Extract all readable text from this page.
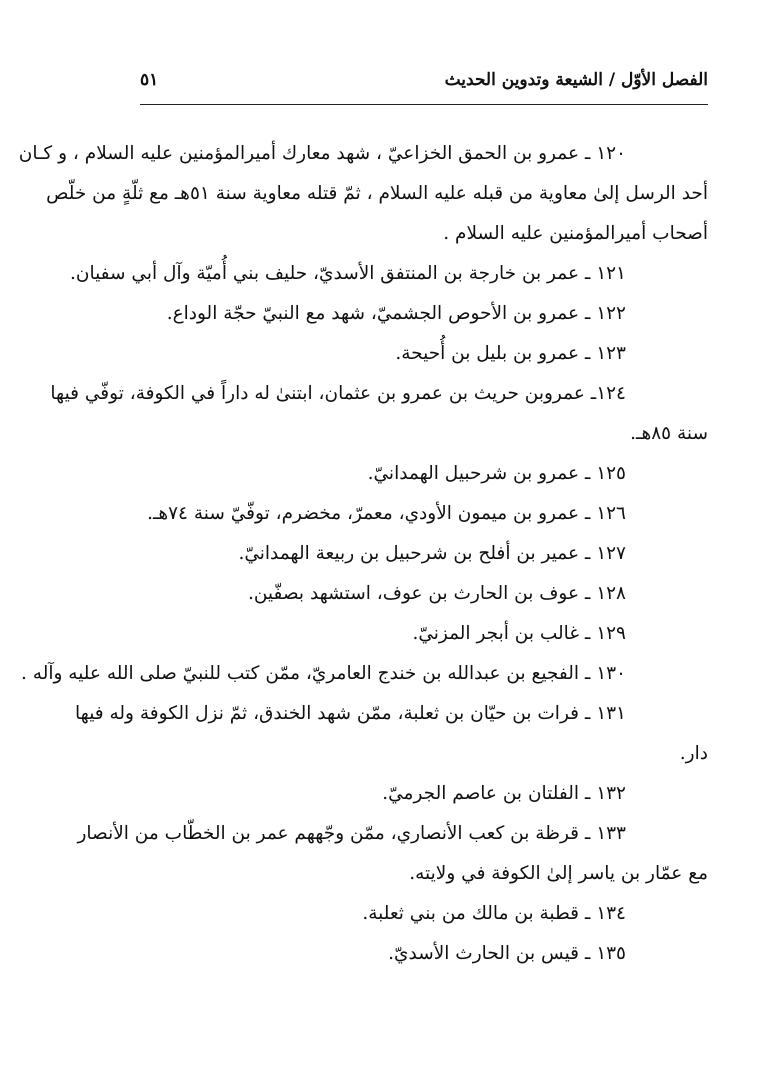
الفصل الأوّل / الشيعة وتدوين الحديث
٥١
١٢٠ ـ عمرو بن الحمق الخزاعيّ ، شهد معارك أميرالمؤمنين عليه السلام ، و كـان
أحد الرسل إلىٰ معاوية من قبله عليه السلام ، ثمّ قتله معاوية سنة ٥١هـ مع ثلّةٍ من خلّص
أصحاب أميرالمؤمنين عليه السلام .
١٢١ ـ عمر بن خارجة بن المنتفق الأسديّ، حليف بني أُميّة وآل أبي سفيان.
١٢٢ ـ عمرو بن الأحوص الجشميّ، شهد مع النبيّ حجّة الوداع.
١٢٣ ـ عمرو بن بليل بن أُحيحة.
١٢٤ـ عمروبن حريث بن عمرو بن عثمان، ابتنىٰ له داراً في الكوفة، توفّي فيها
سنة ٨٥هـ.
١٢٥ ـ عمرو بن شرحبيل الهمدانيّ.
١٢٦ ـ عمرو بن ميمون الأودي، معمرّ، مخضرم، توفّيّ سنة ٧٤هـ.
١٢٧ ـ عمير بن أفلح بن شرحبيل بن ربيعة الهمدانيّ.
١٢٨ ـ عوف بن الحارث بن عوف، استشهد بصفّين.
١٢٩ ـ غالب بن أبجر المزنيّ.
١٣٠ ـ الفجيع بن عبدالله بن خندج العامريّ، ممّن كتب للنبيّ صلى الله عليه وآله .
١٣١ ـ فرات بن حيّان بن ثعلبة، ممّن شهد الخندق، ثمّ نزل الكوفة وله فيها
دار.
١٣٢ ـ الفلتان بن عاصم الجرميّ.
١٣٣ ـ قرظة بن كعب الأنصاري، ممّن وجّههم عمر بن الخطّاب من الأنصار
مع عمّار بن ياسر إلىٰ الكوفة في ولايته.
١٣٤ ـ قطبة بن مالك من بني ثعلبة.
١٣٥ ـ قيس بن الحارث الأسديّ.
